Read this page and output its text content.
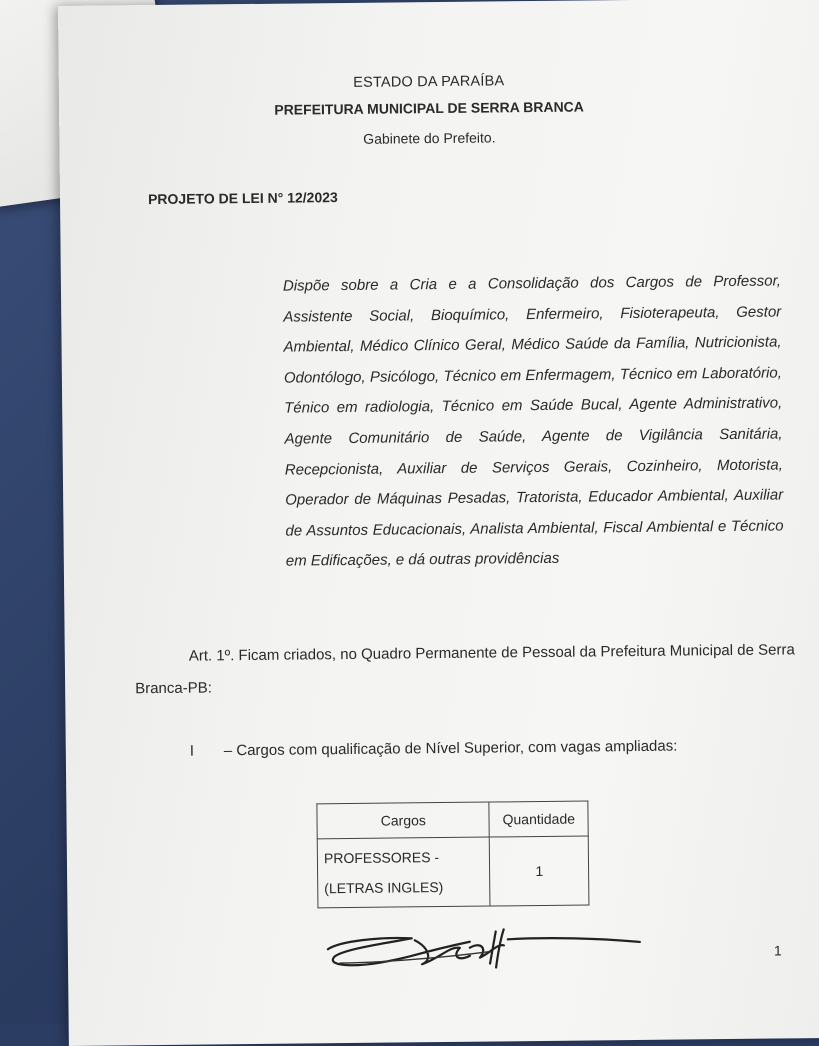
ESTADO DA PARAÍBA
PREFEITURA MUNICIPAL DE SERRA BRANCA
Gabinete do Prefeito.
PROJETO DE LEI N° 12/2023
Dispõe sobre a Cria e a Consolidação dos Cargos de Professor, Assistente Social, Bioquímico, Enfermeiro, Fisioterapeuta, Gestor Ambiental, Médico Clínico Geral, Médico Saúde da Família, Nutricionista, Odontólogo, Psicólogo, Técnico em Enfermagem, Técnico em Laboratório, Ténico em radiologia, Técnico em Saúde Bucal, Agente Administrativo, Agente Comunitário de Saúde, Agente de Vigilância Sanitária, Recepcionista, Auxiliar de Serviços Gerais, Cozinheiro, Motorista, Operador de Máquinas Pesadas, Tratorista, Educador Ambiental, Auxiliar de Assuntos Educacionais, Analista Ambiental, Fiscal Ambiental e Técnico em Edificações, e dá outras providências
Art. 1º. Ficam criados, no Quadro Permanente de Pessoal da Prefeitura Municipal de Serra Branca-PB:
I – Cargos com qualificação de Nível Superior, com vagas ampliadas:
Cargos	Quantidade

PROFESSORES -
(LETRAS INGLES)	1
1
